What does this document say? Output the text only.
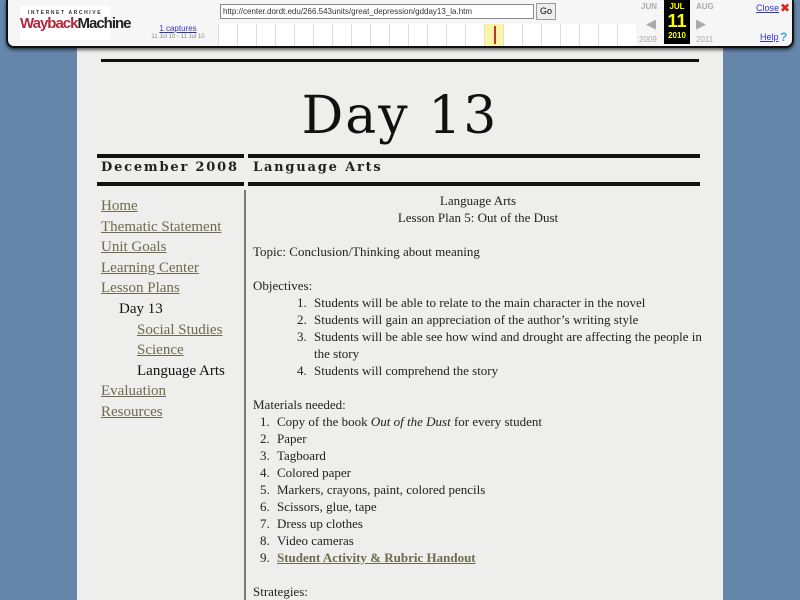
Day 13
December 2008 Language Arts
Home
Thematic Statement
Unit Goals
Learning Center
Lesson Plans
Day 13
Social Studies
Science
Language Arts
Evaluation
Resources

Language Arts

Lesson Plan 5: Out of the Dust

Topic: Conclusion/Thinking about meaning

Objectives:

1. Students will be able to relate to the main character in the novel
2. Students will gain an appreciation of the author’s writing style
3. Students will be able see how wind and drought are affecting the people in the story
4. Students will comprehend the story

Materials needed:

1. Copy of the book Out of the Dust for every student
2. Paper
3. Tagboard
4. Colored paper
5. Markers, crayons, paint, colored pencils
6. Scissors, glue, tape
7. Dress up clothes
8. Video cameras
9. Student Activity & Rubric Handout

Strategies:

INTERNET ARCHIVE
WaybackMachine
http://center.dordt.edu/266.543units/great_depression/gdday13_la.htm	Go
1 captures
11 Jul 10 - 11 Jul 10
JUN	AUG
◀	▶
2009	2011
JUL
11
2010
Close ✖
Help ?
